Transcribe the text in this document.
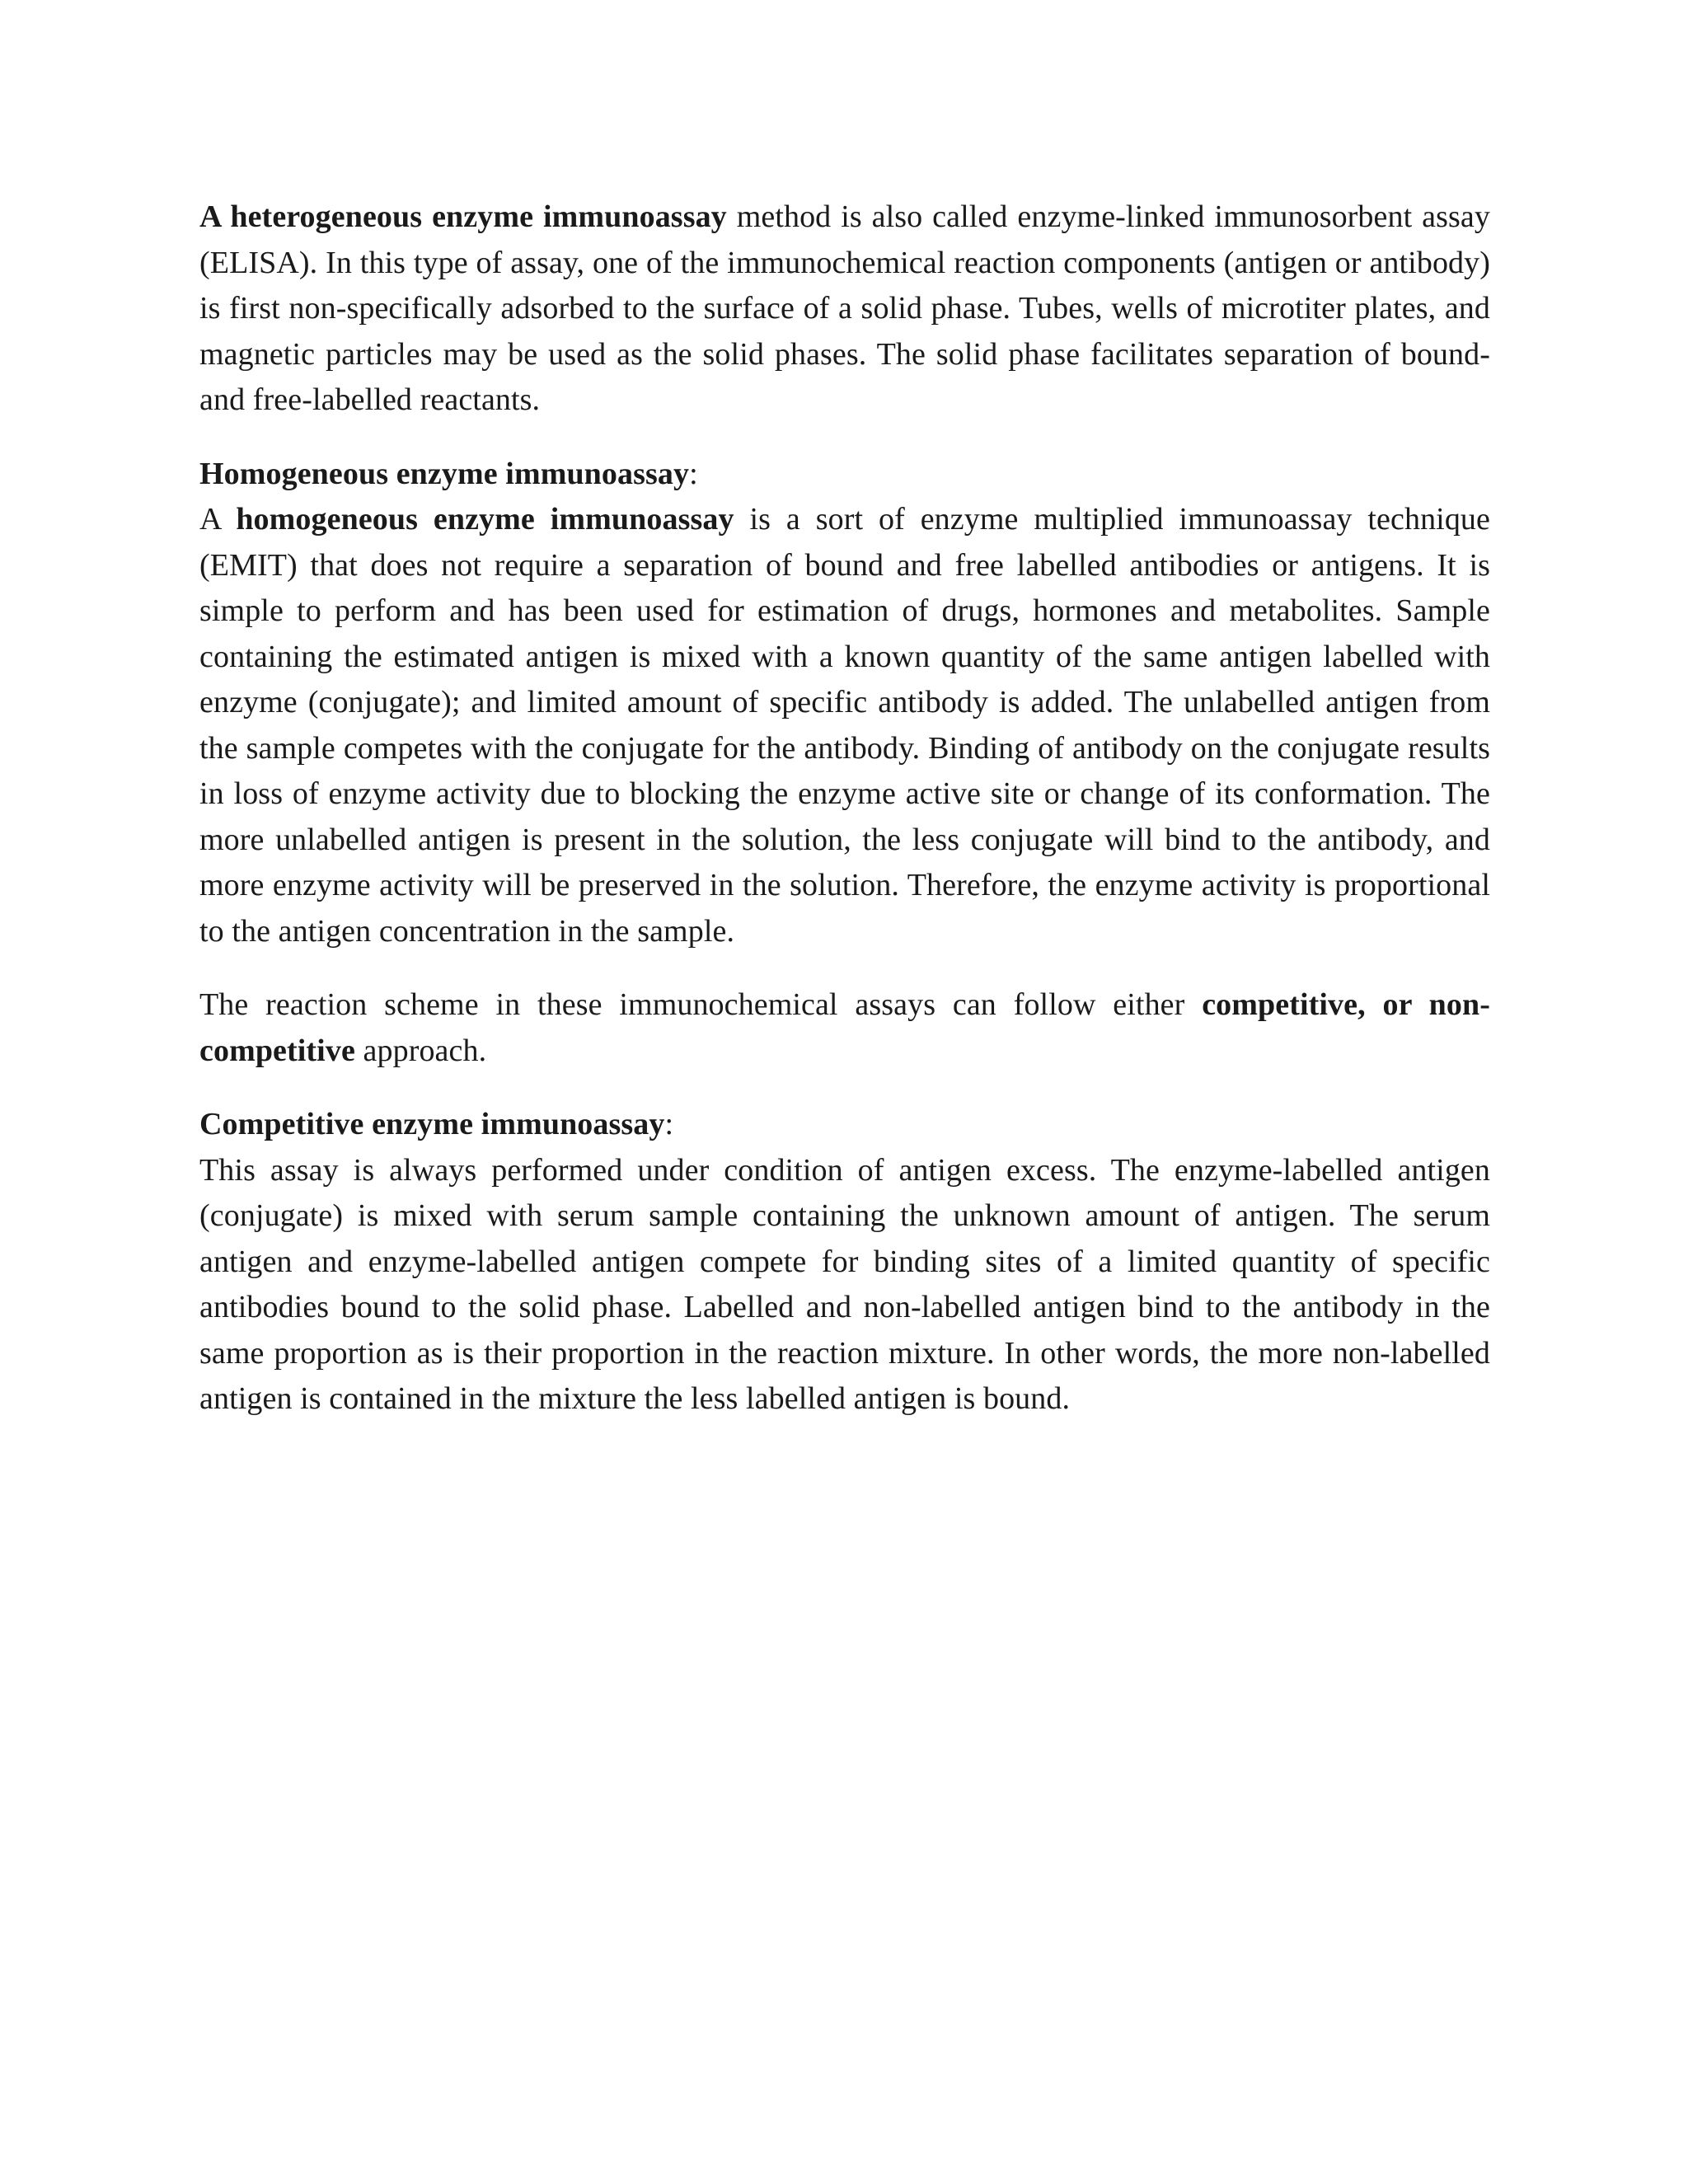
A heterogeneous enzyme immunoassay method is also called enzyme-linked immunosorbent assay (ELISA). In this type of assay, one of the immunochemical reaction components (antigen or antibody) is first non-specifically adsorbed to the surface of a solid phase. Tubes, wells of microtiter plates, and magnetic particles may be used as the solid phases. The solid phase facilitates separation of bound- and free-labelled reactants.

Homogeneous enzyme immunoassay:

A homogeneous enzyme immunoassay is a sort of enzyme multiplied immunoassay technique (EMIT) that does not require a separation of bound and free labelled antibodies or antigens. It is simple to perform and has been used for estimation of drugs, hormones and metabolites. Sample containing the estimated antigen is mixed with a known quantity of the same antigen labelled with enzyme (conjugate); and limited amount of specific antibody is added. The unlabelled antigen from the sample competes with the conjugate for the antibody. Binding of antibody on the conjugate results in loss of enzyme activity due to blocking the enzyme active site or change of its conformation. The more unlabelled antigen is present in the solution, the less conjugate will bind to the antibody, and more enzyme activity will be preserved in the solution. Therefore, the enzyme activity is proportional to the antigen concentration in the sample.

The reaction scheme in these immunochemical assays can follow either competitive, or non-competitive approach.

Competitive enzyme immunoassay:

This assay is always performed under condition of antigen excess. The enzyme-labelled antigen (conjugate) is mixed with serum sample containing the unknown amount of antigen. The serum antigen and enzyme-labelled antigen compete for binding sites of a limited quantity of specific antibodies bound to the solid phase. Labelled and non-labelled antigen bind to the antibody in the same proportion as is their proportion in the reaction mixture. In other words, the more non-labelled antigen is contained in the mixture the less labelled antigen is bound.
